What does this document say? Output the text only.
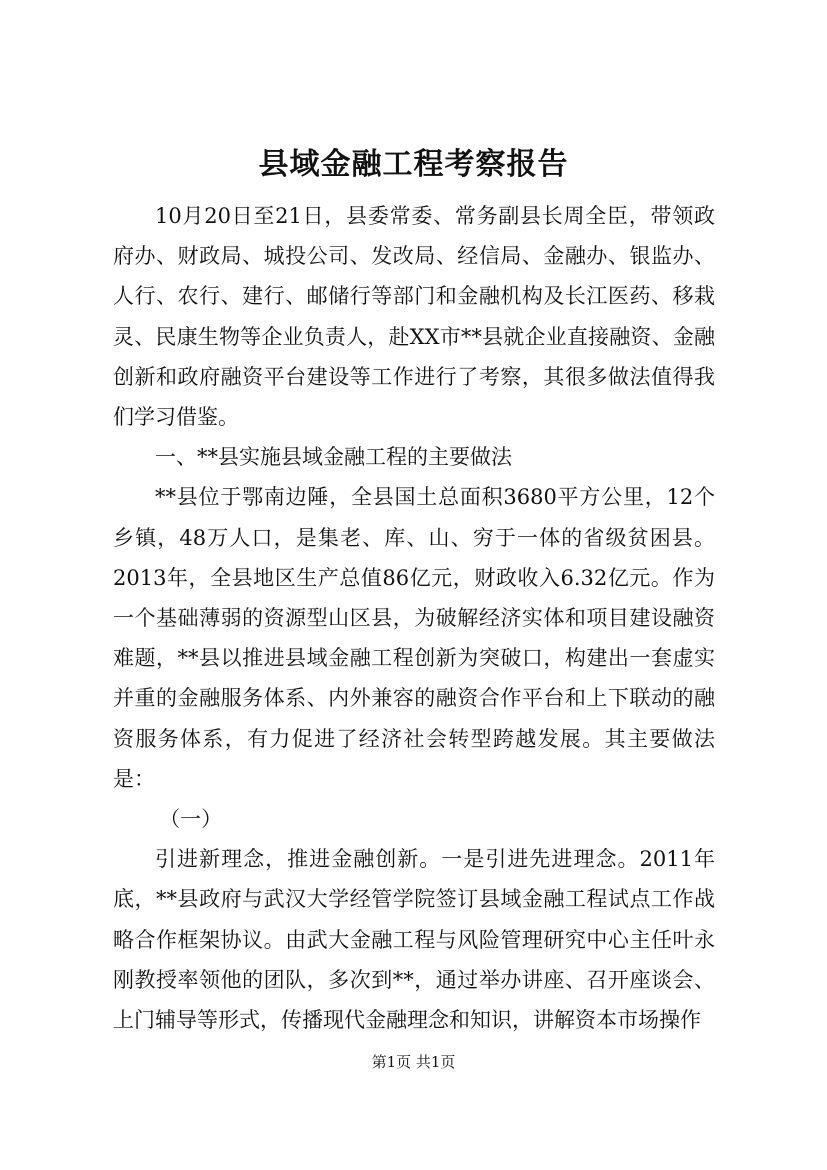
县域金融工程考察报告

10月20日至21日，县委常委、常务副县长周全臣，带领政府办、财政局、城投公司、发改局、经信局、金融办、银监办、人行、农行、建行、邮储行等部门和金融机构及长江医药、移栽灵、民康生物等企业负责人，赴XX市**县就企业直接融资、金融创新和政府融资平台建设等工作进行了考察，其很多做法值得我们学习借鉴。

一、**县实施县域金融工程的主要做法

**县位于鄂南边陲，全县国土总面积3680平方公里，12个乡镇，48万人口，是集老、库、山、穷于一体的省级贫困县。2013年，全县地区生产总值86亿元，财政收入6.32亿元。作为一个基础薄弱的资源型山区县，为破解经济实体和项目建设融资难题，**县以推进县域金融工程创新为突破口，构建出一套虚实并重的金融服务体系、内外兼容的融资合作平台和上下联动的融资服务体系，有力促进了经济社会转型跨越发展。其主要做法是：

（一）

引进新理念，推进金融创新。一是引进先进理念。2011年底，**县政府与武汉大学经管学院签订县域金融工程试点工作战略合作框架协议。由武大金融工程与风险管理研究中心主任叶永刚教授率领他的团队，多次到**，通过举办讲座、召开座谈会、上门辅导等形式，传播现代金融理念和知识，讲解资本市场操作

第1页 共1页
